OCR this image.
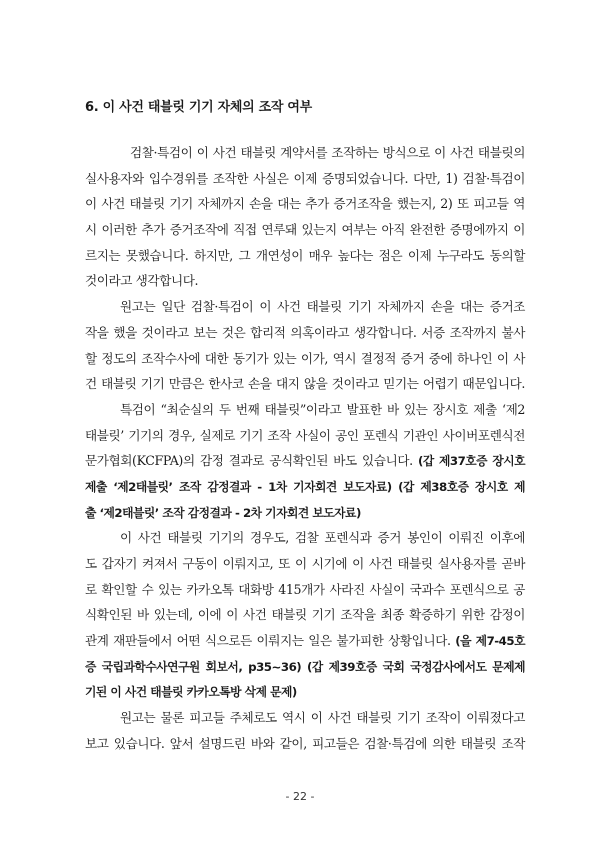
6. 이 사건 태블릿 기기 자체의 조작 여부
검찰·특검이 이 사건 태블릿 계약서를 조작하는 방식으로 이 사건 태블릿의
실사용자와 입수경위를 조작한 사실은 이제 증명되었습니다. 다만, 1) 검찰·특검이
이 사건 태블릿 기기 자체까지 손을 대는 추가 증거조작을 했는지, 2) 또 피고들 역
시 이러한 추가 증거조작에 직접 연루돼 있는지 여부는 아직 완전한 증명에까지 이
르지는 못했습니다. 하지만, 그 개연성이 매우 높다는 점은 이제 누구라도 동의할
것이라고 생각합니다.
원고는 일단 검찰·특검이 이 사건 태블릿 기기 자체까지 손을 대는 증거조
작을 했을 것이라고 보는 것은 합리적 의혹이라고 생각합니다. 서증 조작까지 불사
할 정도의 조작수사에 대한 동기가 있는 이가, 역시 결정적 증거 중에 하나인 이 사
건 태블릿 기기 만큼은 한사코 손을 대지 않을 것이라고 믿기는 어렵기 때문입니다.
특검이 “최순실의 두 번째 태블릿”이라고 발표한 바 있는 장시호 제출 ‘제2
태블릿’ 기기의 경우, 실제로 기기 조작 사실이 공인 포렌식 기관인 사이버포렌식전
문가협회(KCFPA)의 감정 결과로 공식확인된 바도 있습니다. (갑 제37호증 장시호
제출 ‘제2태블릿’ 조작 감정결과 - 1차 기자회견 보도자료) (갑 제38호증 장시호 제
출 ‘제2태블릿’ 조작 감정결과 - 2차 기자회견 보도자료)
이 사건 태블릿 기기의 경우도, 검찰 포렌식과 증거 봉인이 이뤄진 이후에
도 갑자기 켜져서 구동이 이뤄지고, 또 이 시기에 이 사건 태블릿 실사용자를 곧바
로 확인할 수 있는 카카오톡 대화방 415개가 사라진 사실이 국과수 포렌식으로 공
식확인된 바 있는데, 이에 이 사건 태블릿 기기 조작을 최종 확증하기 위한 감정이
관계 재판들에서 어떤 식으로든 이뤄지는 일은 불가피한 상황입니다. (을 제7-45호
증 국립과학수사연구원 회보서, p35~36) (갑 제39호증 국회 국정감사에서도 문제제
기된 이 사건 태블릿 카카오톡방 삭제 문제)
원고는 물론 피고들 주체로도 역시 이 사건 태블릿 기기 조작이 이뤄졌다고
보고 있습니다. 앞서 설명드린 바와 같이, 피고들은 검찰·특검에 의한 태블릿 조작
- 22 -
